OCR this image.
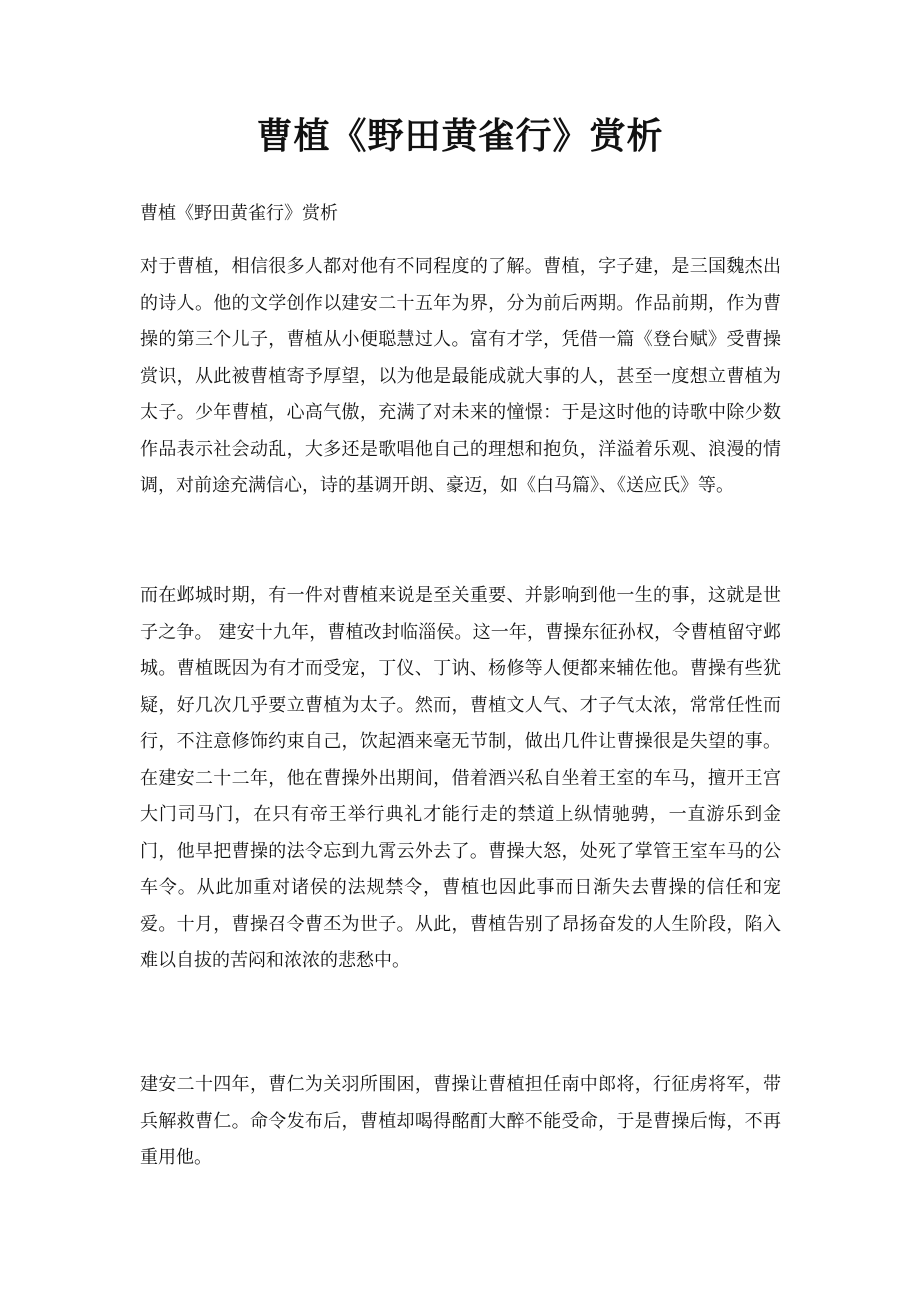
曹植《野田黄雀行》赏析

曹植《野田黄雀行》赏析

对于曹植，相信很多人都对他有不同程度的了解。曹植，字子建，是三国魏杰出的诗人。他的文学创作以建安二十五年为界，分为前后两期。作品前期，作为曹操的第三个儿子，曹植从小便聪慧过人。富有才学，凭借一篇《登台赋》受曹操赏识，从此被曹植寄予厚望，以为他是最能成就大事的人，甚至一度想立曹植为太子。少年曹植，心高气傲，充满了对未来的憧憬：于是这时他的诗歌中除少数作品表示社会动乱，大多还是歌唱他自己的理想和抱负，洋溢着乐观、浪漫的情调，对前途充满信心，诗的基调开朗、豪迈，如《白马篇》、《送应氏》等。

而在邺城时期，有一件对曹植来说是至关重要、并影响到他一生的事，这就是世子之争。 建安十九年，曹植改封临淄侯。这一年，曹操东征孙权，令曹植留守邺城。曹植既因为有才而受宠，丁仪、丁讷、杨修等人便都来辅佐他。曹操有些犹疑，好几次几乎要立曹植为太子。然而，曹植文人气、才子气太浓，常常任性而行，不注意修饰约束自己，饮起酒来毫无节制，做出几件让曹操很是失望的事。在建安二十二年，他在曹操外出期间，借着酒兴私自坐着王室的车马，擅开王宫大门司马门，在只有帝王举行典礼才能行走的禁道上纵情驰骋，一直游乐到金门，他早把曹操的法令忘到九霄云外去了。曹操大怒，处死了掌管王室车马的公车令。从此加重对诸侯的法规禁令，曹植也因此事而日渐失去曹操的信任和宠爱。十月，曹操召令曹丕为世子。从此，曹植告别了昂扬奋发的人生阶段，陷入难以自拔的苦闷和浓浓的悲愁中。

建安二十四年，曹仁为关羽所围困，曹操让曹植担任南中郎将，行征虏将军，带兵解救曹仁。命令发布后，曹植却喝得酩酊大醉不能受命，于是曹操后悔，不再重用他。
